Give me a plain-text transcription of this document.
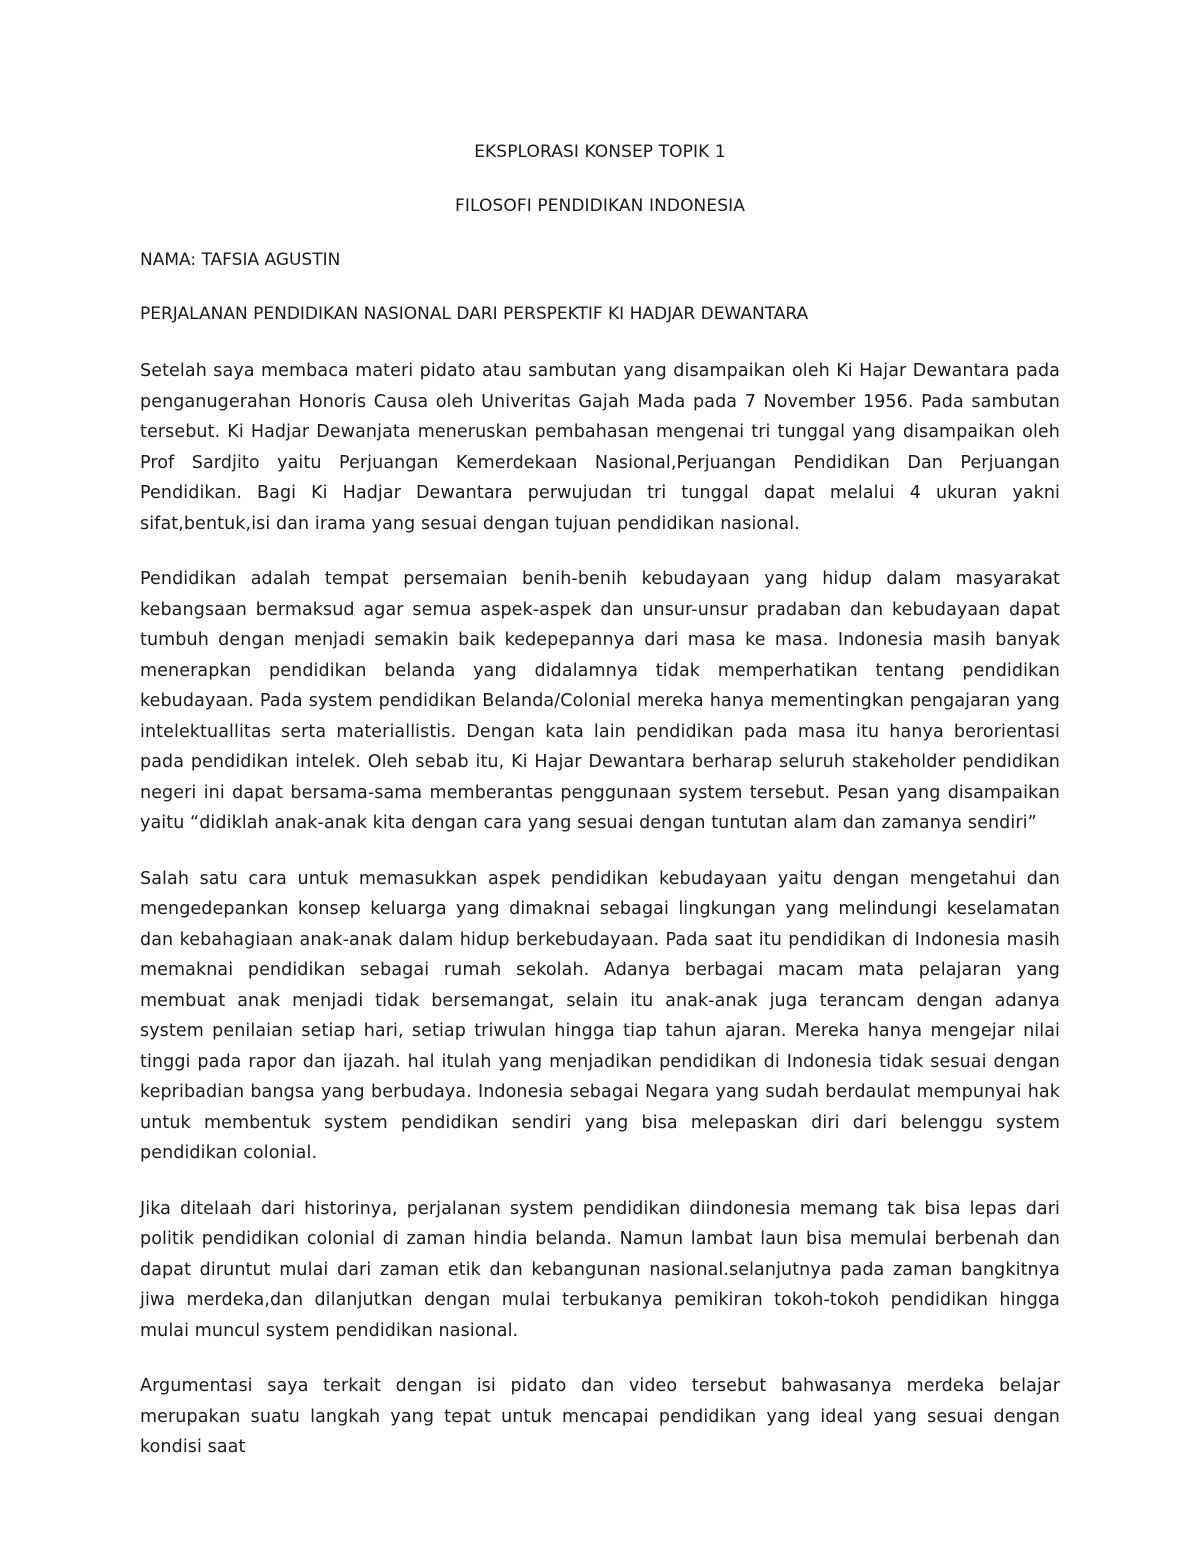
EKSPLORASI KONSEP TOPIK 1

FILOSOFI PENDIDIKAN INDONESIA

NAMA: TAFSIA AGUSTIN

PERJALANAN PENDIDIKAN NASIONAL DARI PERSPEKTIF KI HADJAR DEWANTARA

Setelah saya membaca materi pidato atau sambutan yang disampaikan oleh Ki Hajar Dewantara pada penganugerahan Honoris Causa oleh Univeritas Gajah Mada pada 7 November 1956. Pada sambutan tersebut. Ki Hadjar Dewanjata meneruskan pembahasan mengenai tri tunggal yang disampaikan oleh Prof Sardjito yaitu Perjuangan Kemerdekaan Nasional,Perjuangan Pendidikan Dan Perjuangan Pendidikan. Bagi Ki Hadjar Dewantara perwujudan tri tunggal dapat melalui 4 ukuran yakni sifat,bentuk,isi dan irama yang sesuai dengan tujuan pendidikan nasional.

Pendidikan adalah tempat persemaian benih-benih kebudayaan yang hidup dalam masyarakat kebangsaan bermaksud agar semua aspek-aspek dan unsur-unsur pradaban dan kebudayaan dapat tumbuh dengan menjadi semakin baik kedepepannya dari masa ke masa. Indonesia masih banyak menerapkan pendidikan belanda yang didalamnya tidak memperhatikan tentang pendidikan kebudayaan. Pada system pendidikan Belanda/Colonial mereka hanya mementingkan pengajaran yang intelektuallitas serta materiallistis. Dengan kata lain pendidikan pada masa itu hanya berorientasi pada pendidikan intelek. Oleh sebab itu, Ki Hajar Dewantara berharap seluruh stakeholder pendidikan negeri ini dapat bersama-sama memberantas penggunaan system tersebut. Pesan yang disampaikan yaitu “didiklah anak-anak kita dengan cara yang sesuai dengan tuntutan alam dan zamanya sendiri”

Salah satu cara untuk memasukkan aspek pendidikan kebudayaan yaitu dengan mengetahui dan mengedepankan konsep keluarga yang dimaknai sebagai lingkungan yang melindungi keselamatan dan kebahagiaan anak-anak dalam hidup berkebudayaan. Pada saat itu pendidikan di Indonesia masih memaknai pendidikan sebagai rumah sekolah. Adanya berbagai macam mata pelajaran yang membuat anak menjadi tidak bersemangat, selain itu anak-anak juga terancam dengan adanya system penilaian setiap hari, setiap triwulan hingga tiap tahun ajaran. Mereka hanya mengejar nilai tinggi pada rapor dan ijazah. hal itulah yang menjadikan pendidikan di Indonesia tidak sesuai dengan kepribadian bangsa yang berbudaya. Indonesia sebagai Negara yang sudah berdaulat mempunyai hak untuk membentuk system pendidikan sendiri yang bisa melepaskan diri dari belenggu system pendidikan colonial.

Jika ditelaah dari historinya, perjalanan system pendidikan diindonesia memang tak bisa lepas dari politik pendidikan colonial di zaman hindia belanda. Namun lambat laun bisa memulai berbenah dan dapat diruntut mulai dari zaman etik dan kebangunan nasional.selanjutnya pada zaman bangkitnya jiwa merdeka,dan dilanjutkan dengan mulai terbukanya pemikiran tokoh-tokoh pendidikan hingga mulai muncul system pendidikan nasional.

Argumentasi saya terkait dengan isi pidato dan video tersebut bahwasanya merdeka belajar merupakan suatu langkah yang tepat untuk mencapai pendidikan yang ideal yang sesuai dengan kondisi saat
